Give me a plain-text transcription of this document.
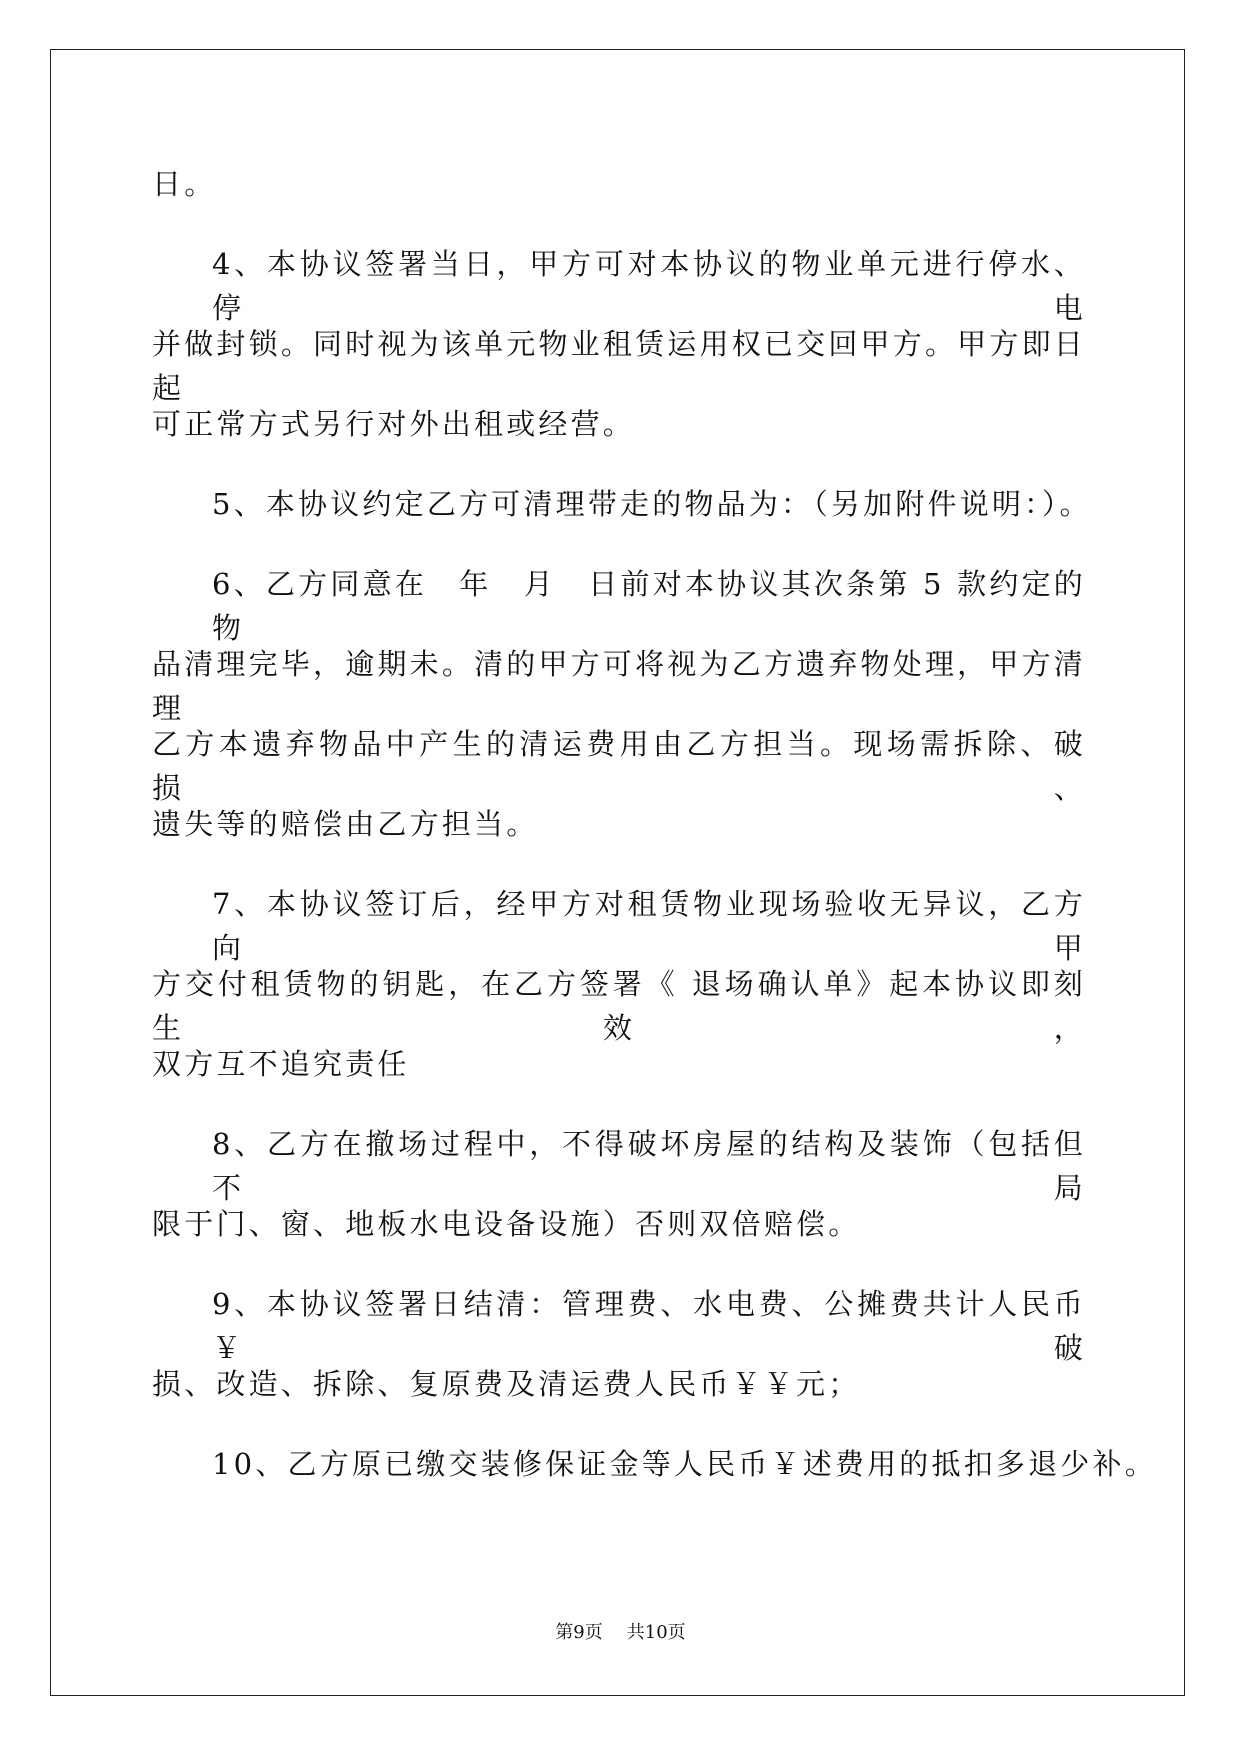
日。
4、本协议签署当日，甲方可对本协议的物业单元进行停水、停电
并做封锁。同时视为该单元物业租赁运用权已交回甲方。甲方即日起
可正常方式另行对外出租或经营。
5、本协议约定乙方可清理带走的物品为：（另加附件说明：）。
6、乙方同意在　年　月　日前对本协议其次条第 5 款约定的物
品清理完毕，逾期未。清的甲方可将视为乙方遗弃物处理，甲方清理
乙方本遗弃物品中产生的清运费用由乙方担当。现场需拆除、破损、
遗失等的赔偿由乙方担当。
7、本协议签订后，经甲方对租赁物业现场验收无异议，乙方向甲
方交付租赁物的钥匙，在乙方签署《 退场确认单》起本协议即刻生效，
双方互不追究责任
8、乙方在撤场过程中，不得破坏房屋的结构及装饰（包括但不局
限于门、窗、地板水电设备设施）否则双倍赔偿。
9、本协议签署日结清：管理费、水电费、公摊费共计人民币￥破
损、改造、拆除、复原费及清运费人民币￥￥元；
10、乙方原已缴交装修保证金等人民币￥述费用的抵扣多退少补。
第9页 共10页
